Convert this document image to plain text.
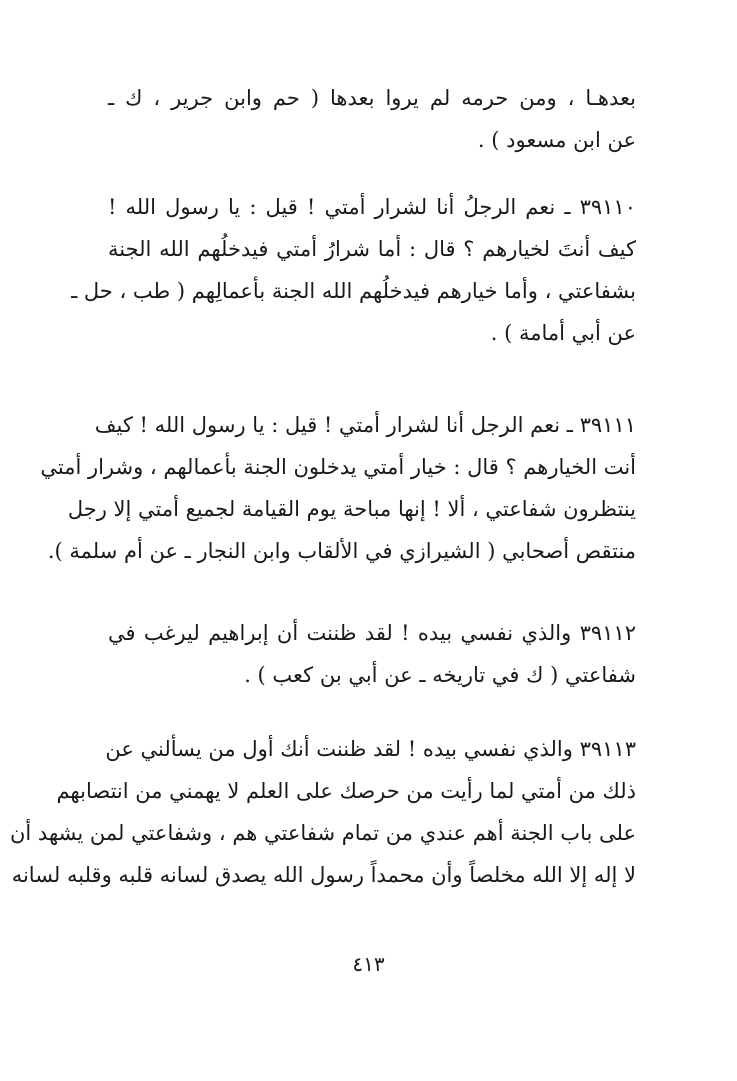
بعدهـا ، ومن حرمه لم يروا بعدها ( حم وابن جرير ، ك ـ
عن ابن مسعود ) .
٣٩١١٠ ـ نعم الرجلُ أنا لشرار أمتي ! قيل : يا رسول الله !
كيف أنتَ لخيارهم ؟ قال : أما شرارُ أمتي فيدخلُهم الله الجنة
بشفاعتي ، وأما خيارهم فيدخلُهم الله الجنة بأعمالِهم ( طب ، حل ـ
عن أبي أمامة ) .
٣٩١١١ ـ نعم الرجل أنا لشرار أمتي ! قيل : يا رسول الله ! كيف
أنت الخيارهم ؟ قال : خيار أمتي يدخلون الجنة بأعمالهم ، وشرار أمتي
ينتظرون شفاعتي ، ألا ! إنها مباحة يوم القيامة لجميع أمتي إلا رجل
منتقص أصحابي ( الشيرازي في الألقاب وابن النجار ـ عن أم سلمة ).
٣٩١١٢ والذي نفسي بيده ! لقد ظننت أن إبراهيم ليرغب في
شفاعتي ( ك في تاريخه ـ عن أبي بن كعب ) .
٣٩١١٣ والذي نفسي بيده ! لقد ظننت أنك أول من يسألني عن
ذلك من أمتي لما رأيت من حرصك على العلم لا يهمني من انتصابهم
على باب الجنة أهم عندي من تمام شفاعتي هم ، وشفاعتي لمن يشهد أن
لا إله إلا الله مخلصاً وأن محمداً رسول الله يصدق لسانه قلبه وقلبه لسانه
٤١٣
